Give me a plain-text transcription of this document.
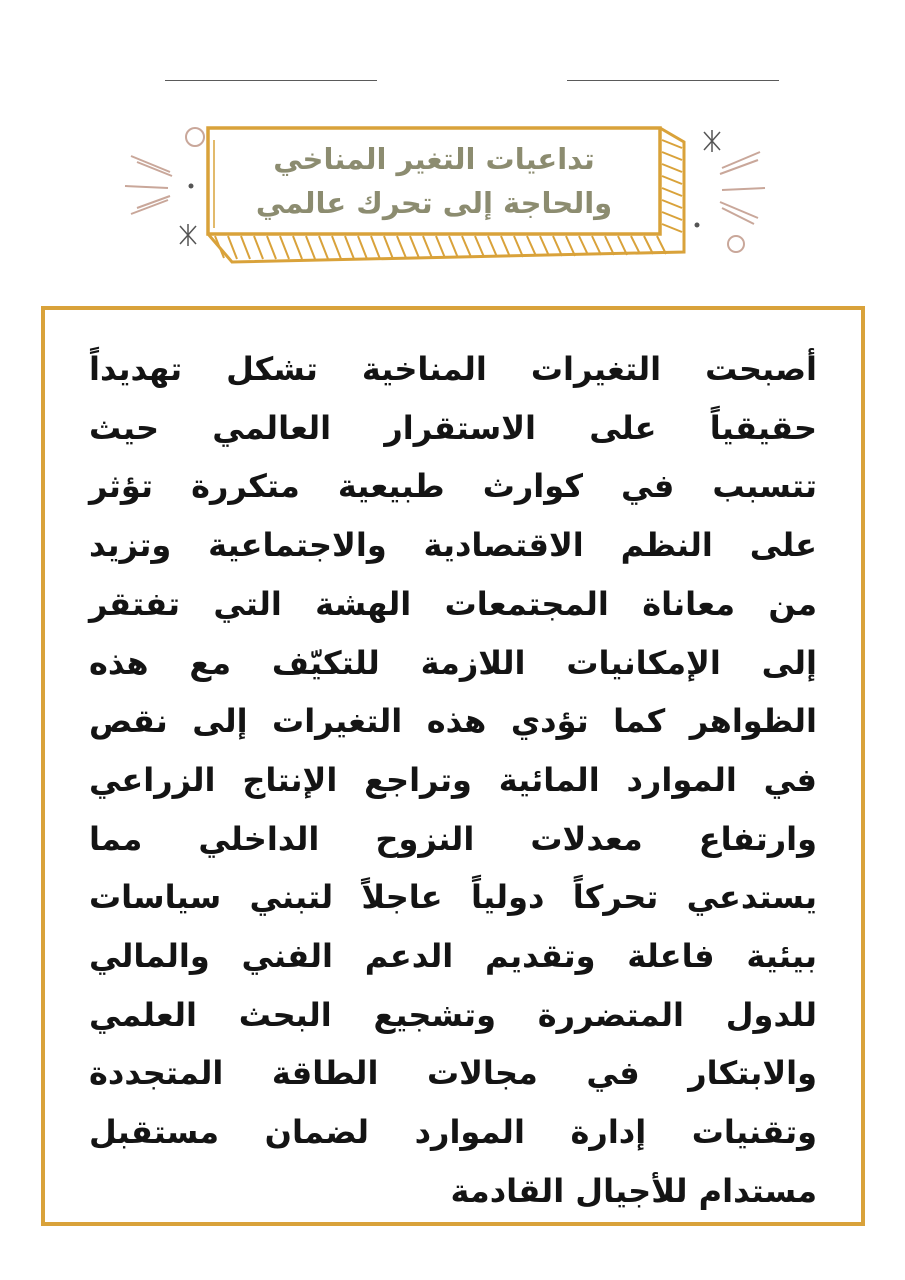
تداعيات التغير المناخي
والحاجة إلى تحرك عالمي
أصبحت التغيرات المناخية تشكل تهديداً
حقيقياً على الاستقرار العالمي حيث
تتسبب في كوارث طبيعية متكررة تؤثر
على النظم الاقتصادية والاجتماعية وتزيد
من معاناة المجتمعات الهشة التي تفتقر
إلى الإمكانيات اللازمة للتكيّف مع هذه
الظواهر كما تؤدي هذه التغيرات إلى نقص
في الموارد المائية وتراجع الإنتاج الزراعي
وارتفاع معدلات النزوح الداخلي مما
يستدعي تحركاً دولياً عاجلاً لتبني سياسات
بيئية فاعلة وتقديم الدعم الفني والمالي
للدول المتضررة وتشجيع البحث العلمي
والابتكار في مجالات الطاقة المتجددة
وتقنيات إدارة الموارد لضمان مستقبل
مستدام للأجيال القادمة
